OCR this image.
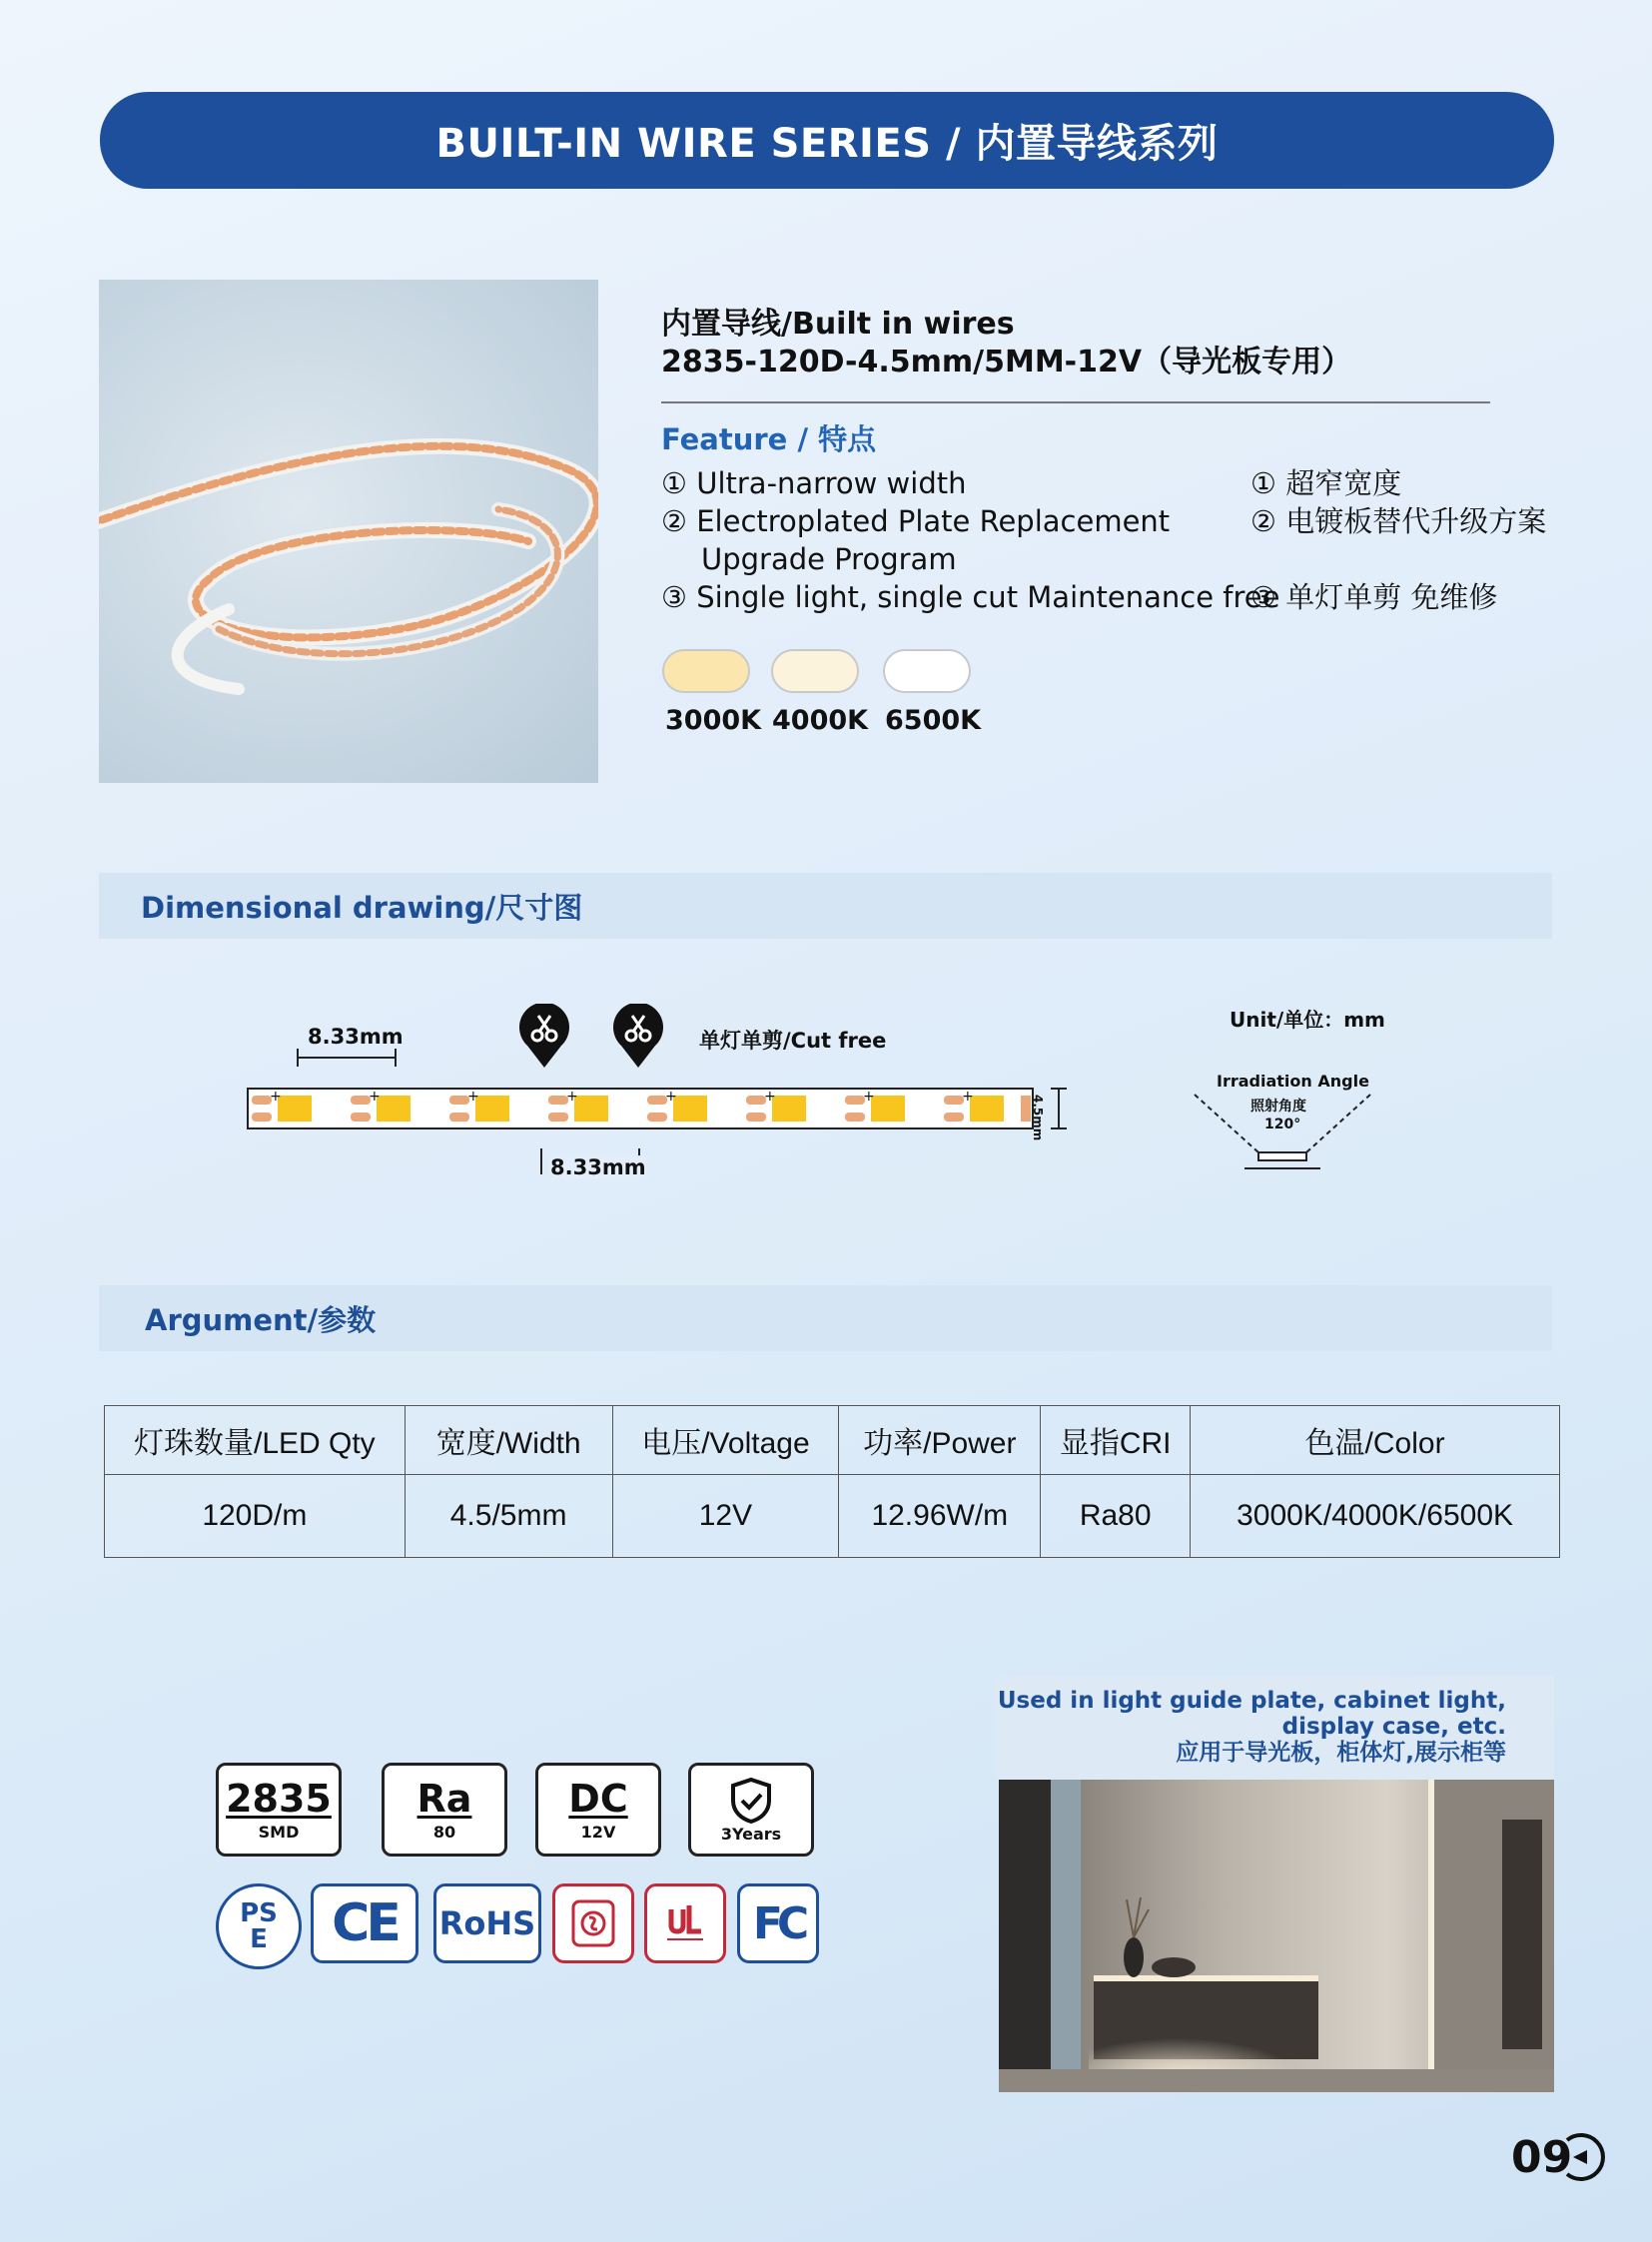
BUILT-IN WIRE SERIES / 内置导线系列
内置导线/Built in wires
2835-120D-4.5mm/5MM-12V（导光板专用）
Feature / 特点
① Ultra-narrow width
② Electroplated Plate Replacement
Upgrade Program
③ Single light, single cut Maintenance free
① 超窄宽度
② 电镀板替代升级方案
③ 单灯单剪 免维修
3000K 4000K 6500K
Dimensional drawing/尺寸图
8.33mm	单灯单剪/Cut free
+	+	+	+	+	+	+	+	4.5mm
8.33mm
Unit/单位：mm
Irradiation Angle
照射角度
120°
Argument/参数
灯珠数量/LED Qty	宽度/Width	电压/Voltage	功率/Power	显指CRI	色温/Color
120D/m	4.5/5mm	12V	12.96W/m	Ra80	3000K/4000K/6500K
2835
SMD
Ra
80
DC
12V	3Years
PS
E CE RoHS	FC
Used in light guide plate, cabinet light,
display case, etc.
应用于导光板，柜体灯,展示柜等
09
